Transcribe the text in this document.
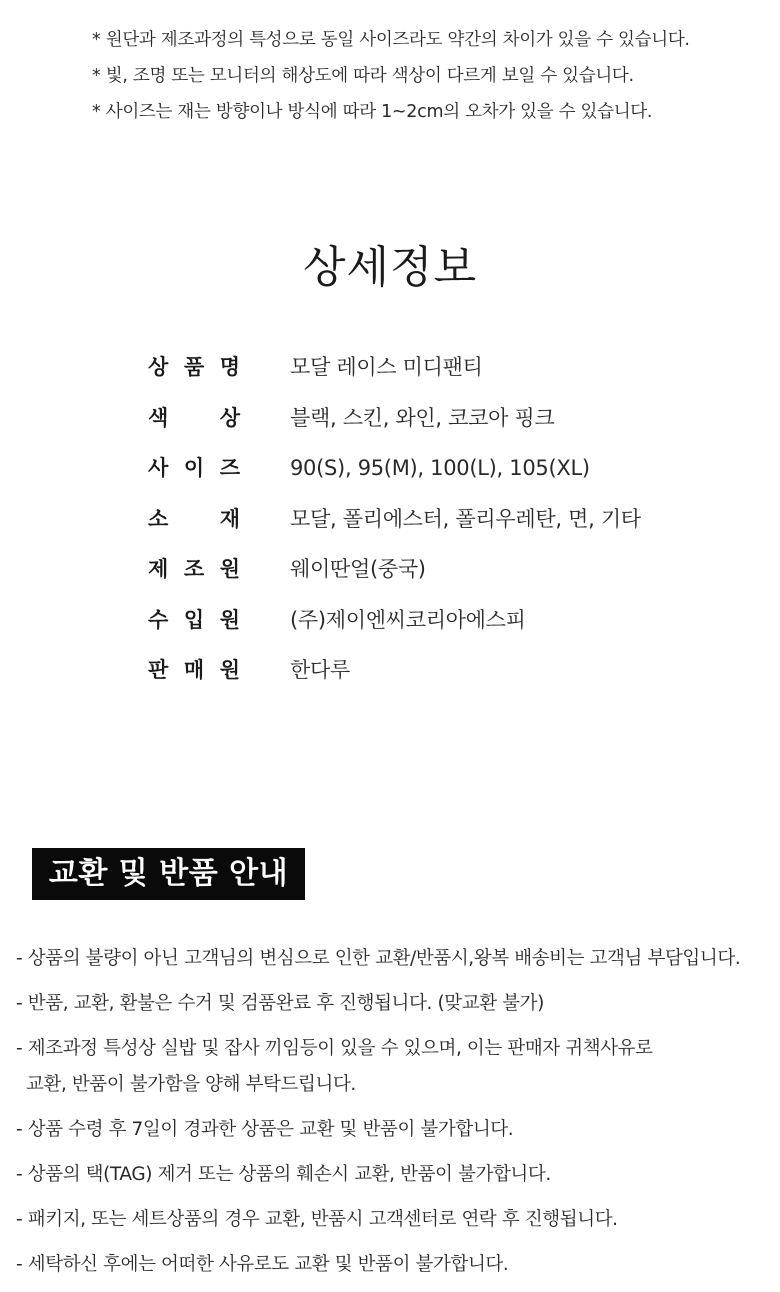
* 원단과 제조과정의 특성으로 동일 사이즈라도 약간의 차이가 있을 수 있습니다.
* 빛, 조명 또는 모니터의 해상도에 따라 색상이 다르게 보일 수 있습니다.
* 사이즈는 재는 방향이나 방식에 따라 1~2cm의 오차가 있을 수 있습니다.
상세정보
상 품 명 모달 레이스 미디팬티
색 상 블랙, 스킨, 와인, 코코아 핑크
사 이 즈 90(S), 95(M), 100(L), 105(XL)
소 재 모달, 폴리에스터, 폴리우레탄, 면, 기타
제 조 원 웨이딴얼(중국)
수 입 원 (주)제이엔씨코리아에스피
판 매 원 한다루
교환 및 반품 안내
- 상품의 불량이 아닌 고객님의 변심으로 인한 교환/반품시,왕복 배송비는 고객님 부담입니다.
- 반품, 교환, 환불은 수거 및 검품완료 후 진행됩니다. (맞교환 불가)
- 제조과정 특성상 실밥 및 잡사 끼임등이 있을 수 있으며, 이는 판매자 귀책사유로
교환, 반품이 불가함을 양해 부탁드립니다.
- 상품 수령 후 7일이 경과한 상품은 교환 및 반품이 불가합니다.
- 상품의 택(TAG) 제거 또는 상품의 훼손시 교환, 반품이 불가합니다.
- 패키지, 또는 세트상품의 경우 교환, 반품시 고객센터로 연락 후 진행됩니다.
- 세탁하신 후에는 어떠한 사유로도 교환 및 반품이 불가합니다.
